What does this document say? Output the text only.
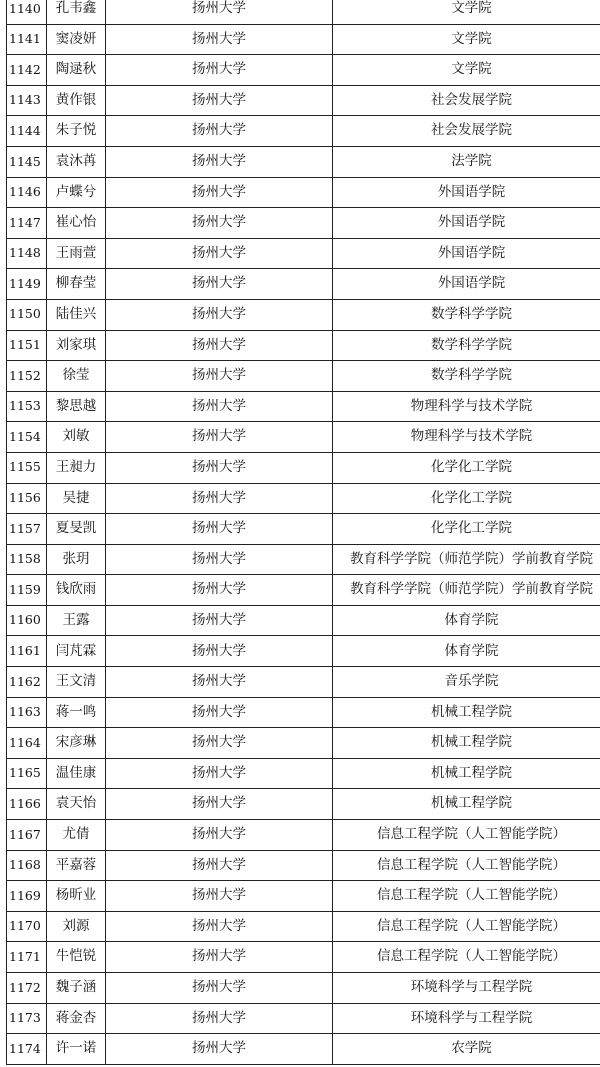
1140	孔韦鑫	扬州大学	文学院
1141	窦凌妍	扬州大学	文学院
1142	陶逯秋	扬州大学	文学院
1143	黄作银	扬州大学	社会发展学院
1144	朱子悦	扬州大学	社会发展学院
1145	袁沐苒	扬州大学	法学院
1146	卢蝶兮	扬州大学	外国语学院
1147	崔心怡	扬州大学	外国语学院
1148	王雨萱	扬州大学	外国语学院
1149	柳春莹	扬州大学	外国语学院
1150	陆佳兴	扬州大学	数学科学学院
1151	刘家琪	扬州大学	数学科学学院
1152	徐莹	扬州大学	数学科学学院
1153	黎思越	扬州大学	物理科学与技术学院
1154	刘敏	扬州大学	物理科学与技术学院
1155	王昶力	扬州大学	化学化工学院
1156	吴捷	扬州大学	化学化工学院
1157	夏旻凯	扬州大学	化学化工学院
1158	张玥	扬州大学	教育科学学院（师范学院）学前教育学院
1159	钱欣雨	扬州大学	教育科学学院（师范学院）学前教育学院
1160	王露	扬州大学	体育学院
1161	闫芃霖	扬州大学	体育学院
1162	王文清	扬州大学	音乐学院
1163	蒋一鸣	扬州大学	机械工程学院
1164	宋彦琳	扬州大学	机械工程学院
1165	温佳康	扬州大学	机械工程学院
1166	袁天怡	扬州大学	机械工程学院
1167	尤倩	扬州大学	信息工程学院（人工智能学院）
1168	平嘉蓉	扬州大学	信息工程学院（人工智能学院）
1169	杨昕业	扬州大学	信息工程学院（人工智能学院）
1170	刘源	扬州大学	信息工程学院（人工智能学院）
1171	牛恺锐	扬州大学	信息工程学院（人工智能学院）
1172	魏子涵	扬州大学	环境科学与工程学院
1173	蒋金杏	扬州大学	环境科学与工程学院
1174	许一诺	扬州大学	农学院
